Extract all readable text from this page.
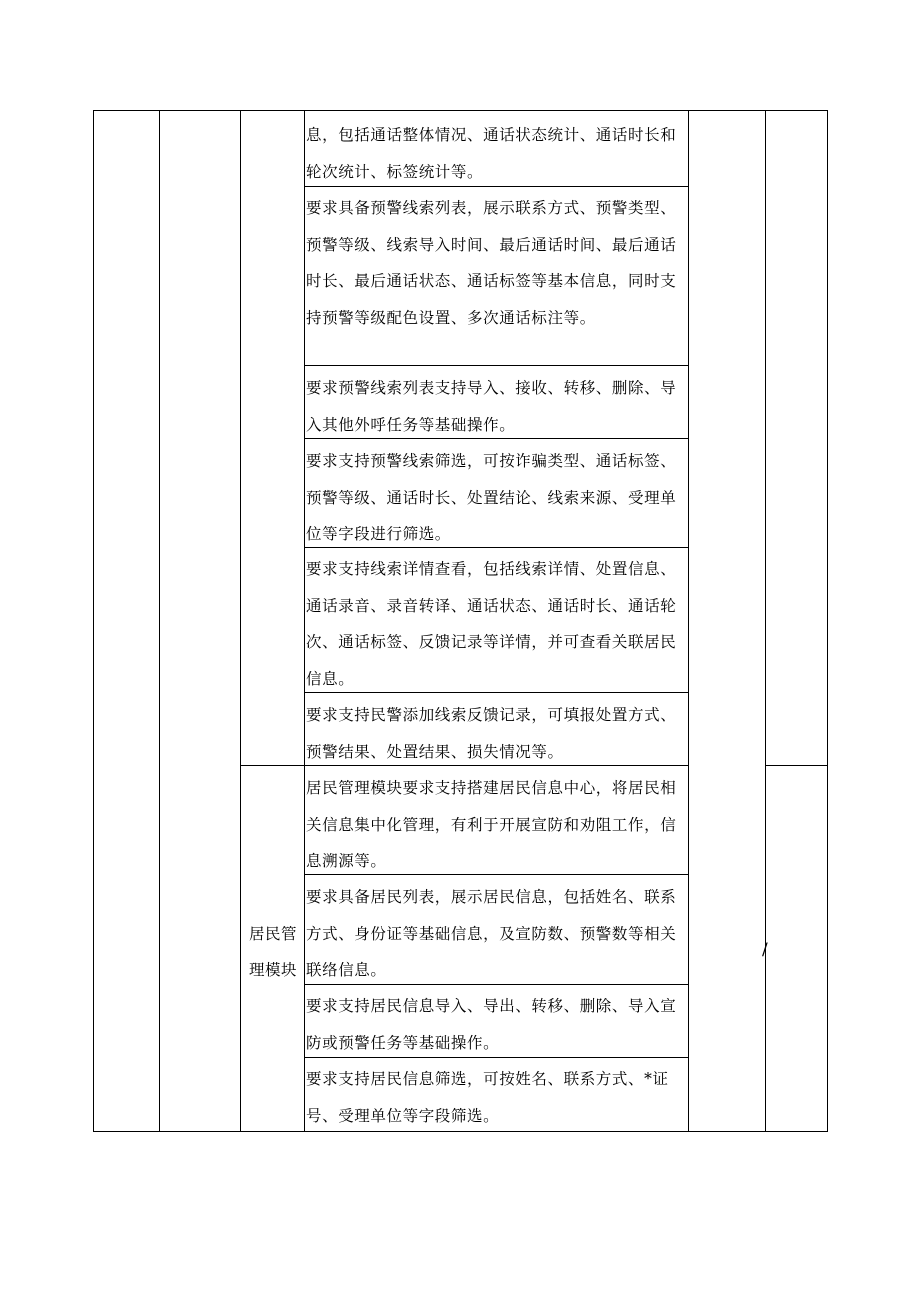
息，包括通话整体情况、通话状态统计、通话时长和轮次统计、标签统计等。
要求具备预警线索列表，展示联系方式、预警类型、预警等级、线索导入时间、最后通话时间、最后通话时长、最后通话状态、通话标签等基本信息，同时支持预警等级配色设置、多次通话标注等。
要求预警线索列表支持导入、接收、转移、删除、导入其他外呼任务等基础操作。
要求支持预警线索筛选，可按诈骗类型、通话标签、预警等级、通话时长、处置结论、线索来源、受理单位等字段进行筛选。
要求支持线索详情查看，包括线索详情、处置信息、通话录音、录音转译、通话状态、通话时长、通话轮次、通话标签、反馈记录等详情，并可查看关联居民信息。
要求支持民警添加线索反馈记录，可填报处置方式、预警结果、处置结果、损失情况等。
居民管理模块要求支持搭建居民信息中心，将居民相关信息集中化管理，有利于开展宣防和劝阻工作，信息溯源等。
要求具备居民列表，展示居民信息，包括姓名、联系方式、身份证等基础信息，及宣防数、预警数等相关联络信息。
要求支持居民信息导入、导出、转移、删除、导入宣防或预警任务等基础操作。
要求支持居民信息筛选，可按姓名、联系方式、*证号、受理单位等字段筛选。
居民管
理模块
/
